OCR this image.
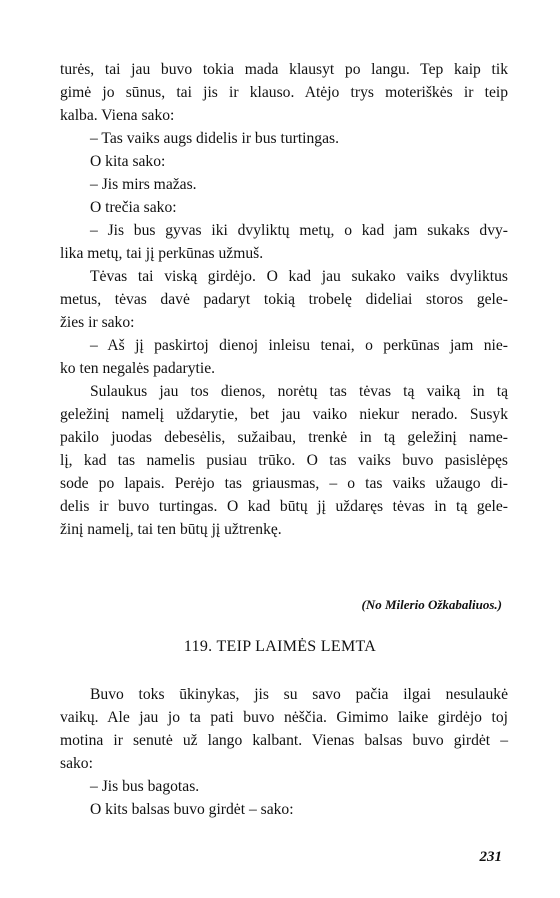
turės, tai jau buvo tokia mada klausyt po langu. Tep kaip tik
gimė jo sūnus, tai jis ir klauso. Atėjo trys moteriškės ir teip
kalba. Viena sako:
– Tas vaiks augs didelis ir bus turtingas.
O kita sako:
– Jis mirs mažas.
O trečia sako:
– Jis bus gyvas iki dvyliktų metų, o kad jam sukaks dvy-
lika metų, tai jį perkūnas užmuš.
Tėvas tai viską girdėjo. O kad jau sukako vaiks dvyliktus
metus, tėvas davė padaryt tokią trobelę dideliai storos gele-
žies ir sako:
– Aš jį paskirtoj dienoj inleisu tenai, o perkūnas jam nie-
ko ten negalės padarytie.
Sulaukus jau tos dienos, norėtų tas tėvas tą vaiką in tą
geležinį namelį uždarytie, bet jau vaiko niekur nerado. Susyk
pakilo juodas debesėlis, sužaibau, trenkė in tą geležinį name-
lį, kad tas namelis pusiau trūko. O tas vaiks buvo pasislėpęs
sode po lapais. Perėjo tas griausmas, – o tas vaiks užaugo di-
delis ir buvo turtingas. O kad būtų jį uždaręs tėvas in tą gele-
žinį namelį, tai ten būtų jį užtrenkę.
(No Milerio Ožkabaliuos.)
119. TEIP LAIMĖS LEMTA
Buvo toks ūkinykas, jis su savo pačia ilgai nesulaukė
vaikų. Ale jau jo ta pati buvo nėščia. Gimimo laike girdėjo toj
motina ir senutė už lango kalbant. Vienas balsas buvo girdėt –
sako:
– Jis bus bagotas.
O kits balsas buvo girdėt – sako:
231
